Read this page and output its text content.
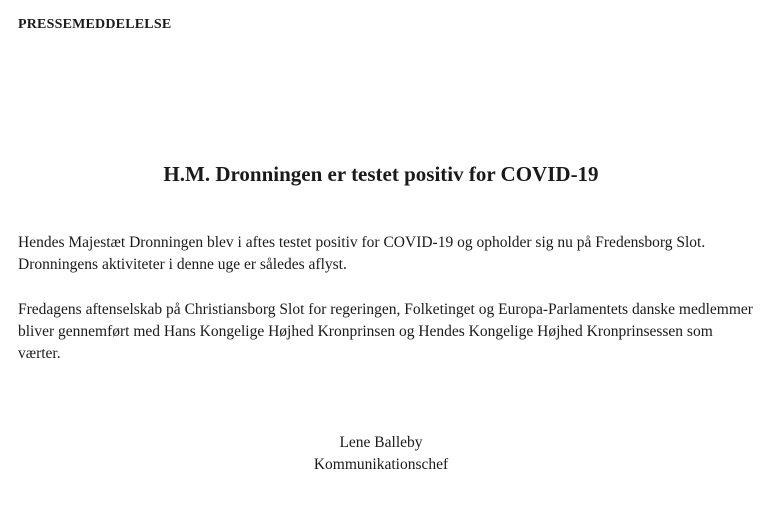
PRESSEMEDDELELSE
H.M. Dronningen er testet positiv for COVID-19
Hendes Majestæt Dronningen blev i aftes testet positiv for COVID-19 og opholder sig nu på Fredensborg Slot. Dronningens aktiviteter i denne uge er således aflyst.
Fredagens aftenselskab på Christiansborg Slot for regeringen, Folketinget og Europa-Parlamentets danske medlemmer bliver gennemført med Hans Kongelige Højhed Kronprinsen og Hendes Kongelige Højhed Kronprinsessen som værter.
Lene Balleby
Kommunikationschef
